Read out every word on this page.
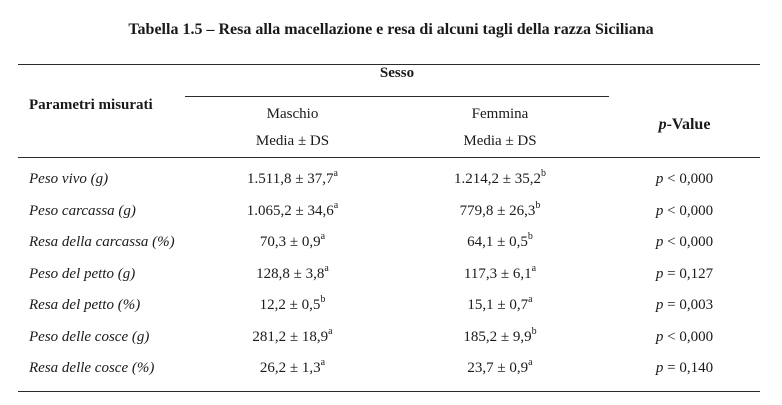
Tabella 1.5 – Resa alla macellazione e resa di alcuni tagli della razza Siciliana
Sesso
Parametri misurati
Maschio
Media ± DS
Femmina
Media ± DS
p-Value
Peso vivo (g)	1.511,8 ± 37,7$^a$	1.214,2 ± 35,2$^b$	p < 0,000
Peso carcassa (g)	1.065,2 ± 34,6$^a$	779,8 ± 26,3$^b$	p < 0,000
Resa della carcassa (%)	70,3 ± 0,9$^a$	64,1 ± 0,5$^b$	p < 0,000
Peso del petto (g)	128,8 ± 3,8$^a$	117,3 ± 6,1$^a$	p = 0,127
Resa del petto (%)	12,2 ± 0,5$^b$	15,1 ± 0,7$^a$	p = 0,003
Peso delle cosce (g)	281,2 ± 18,9$^a$	185,2 ± 9,9$^b$	p < 0,000
Resa delle cosce (%)	26,2 ± 1,3$^a$	23,7 ± 0,9$^a$	p = 0,140
